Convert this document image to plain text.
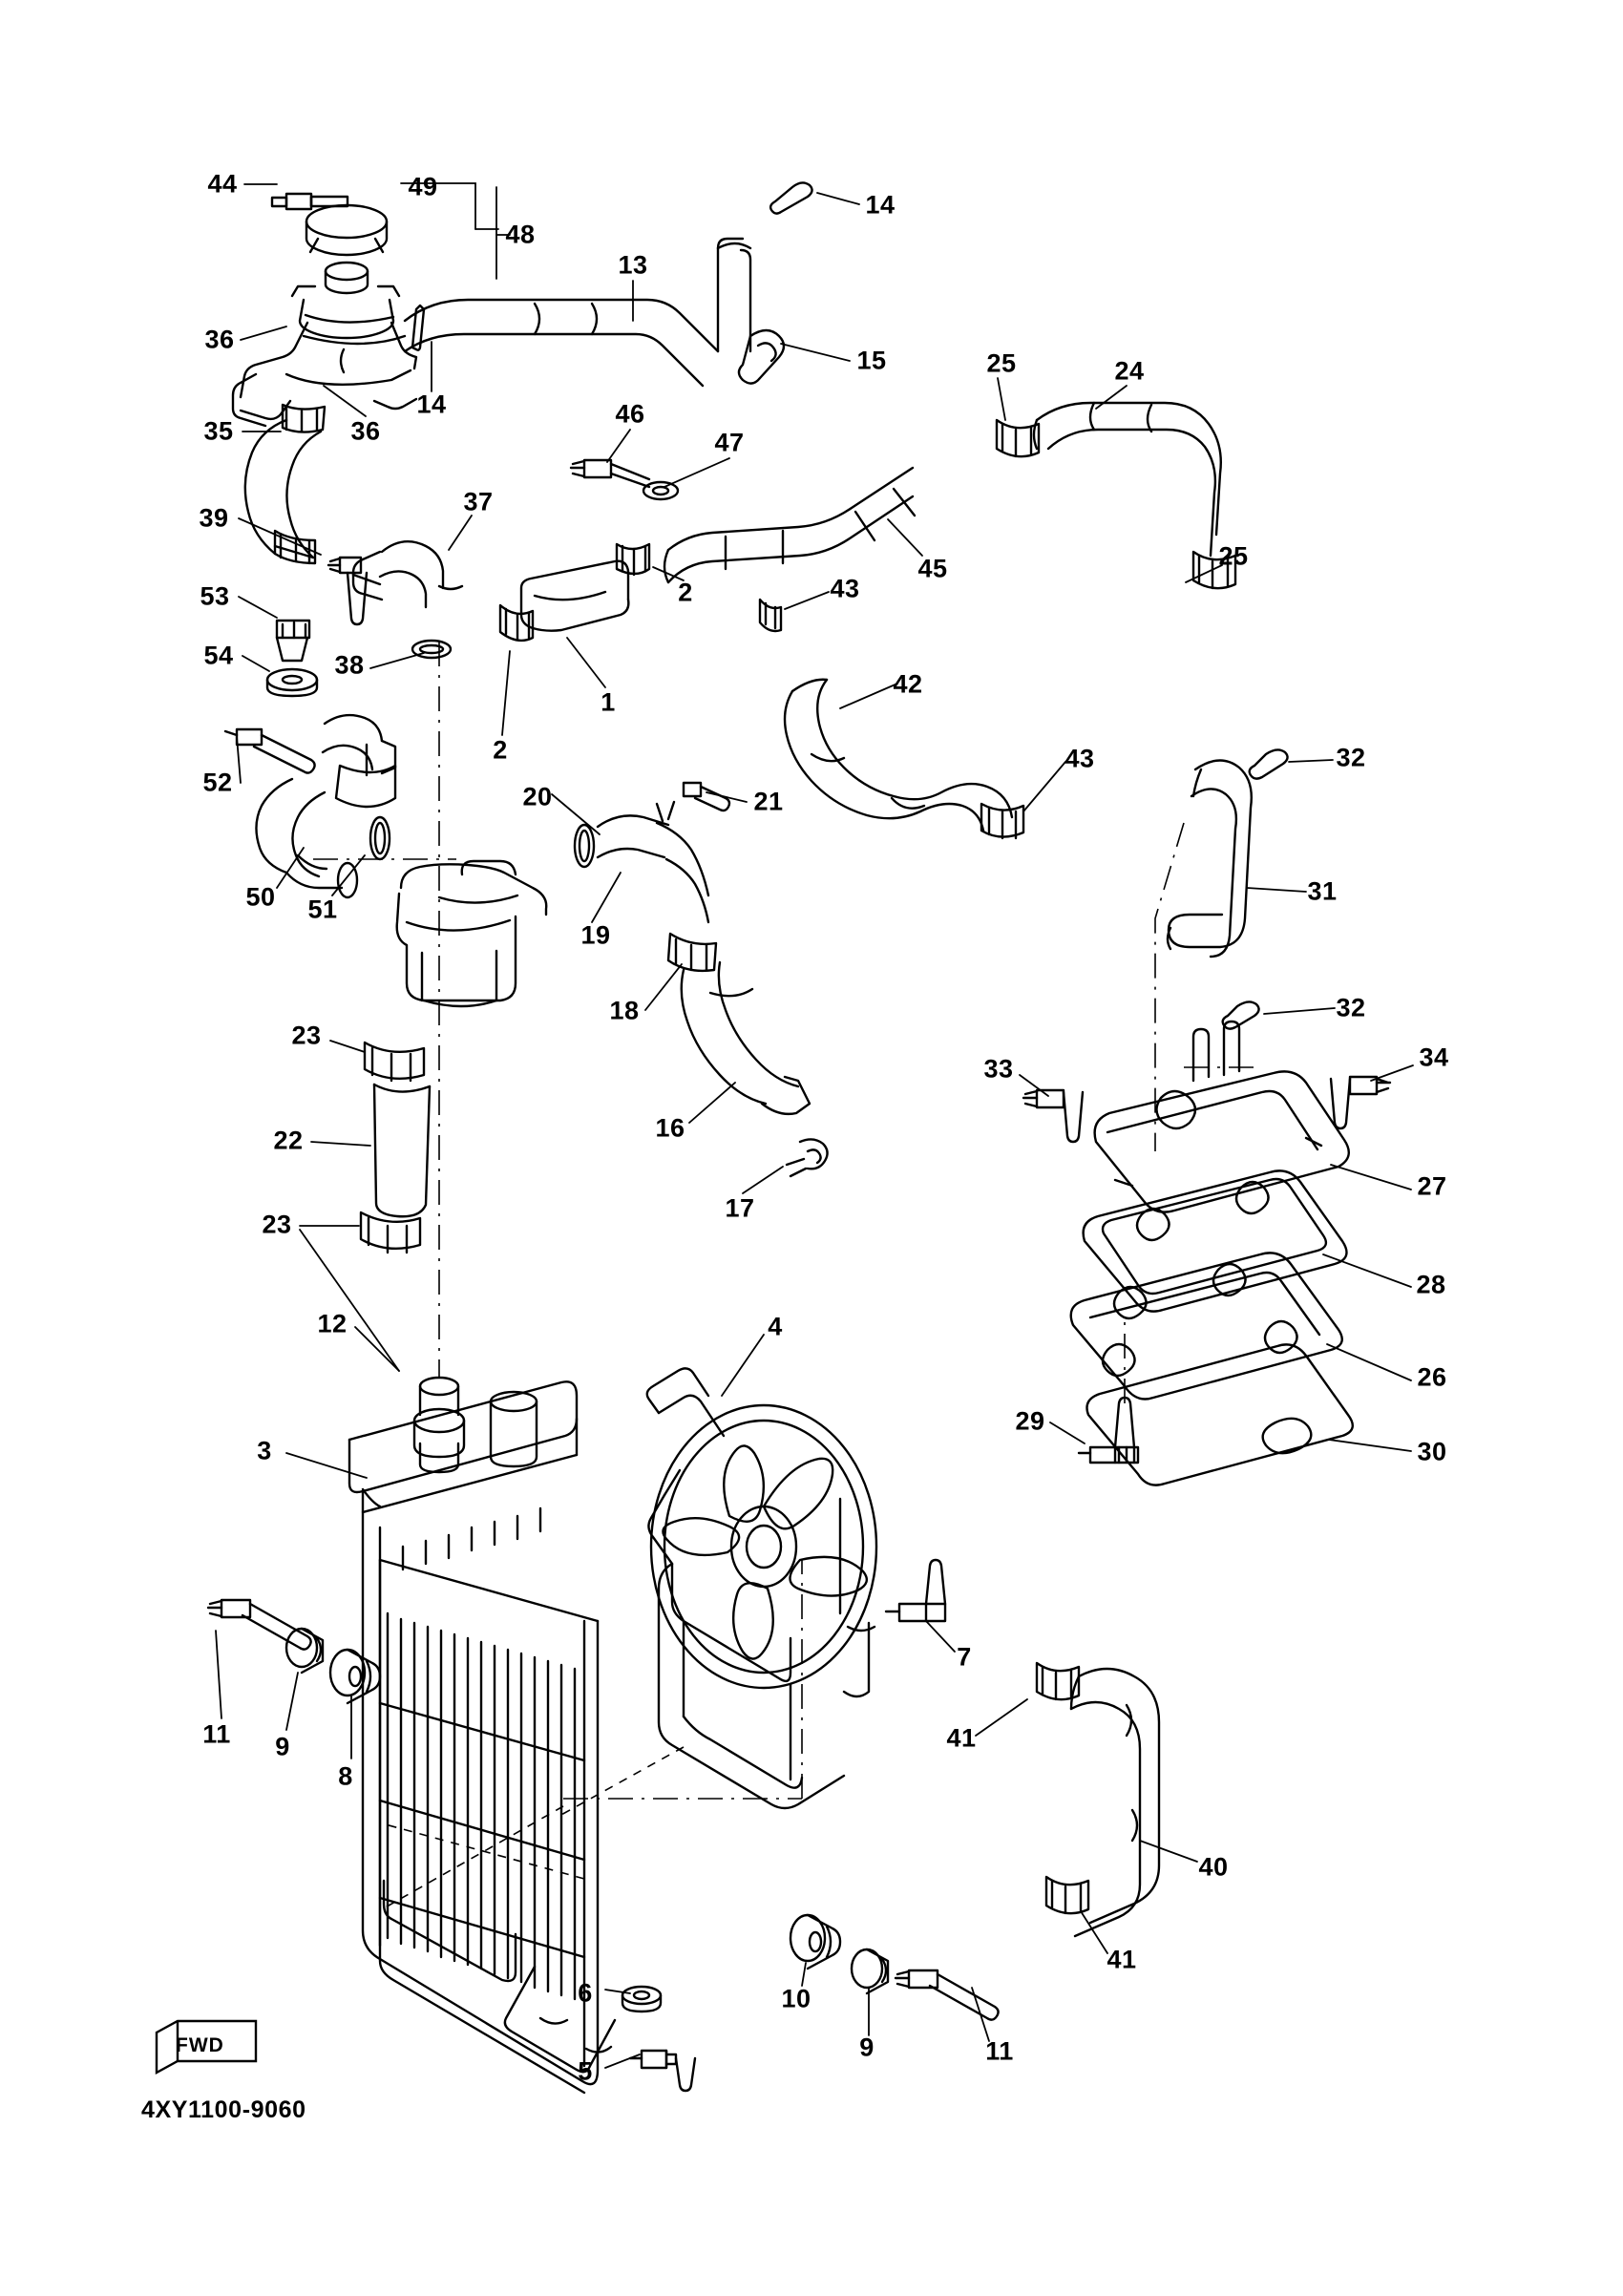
44	49
48
13
14
36
14
15	25	24
35	36
46
47
37
39
45	25
53	2	43
54	38
1
2
42
32
52	20	21
43
31
50 51
19
18	32
33	34
23
16
22
17
27
23
28
12	4
26
29
3	30
7
11 9	41
8
40
6	10
41
5
9	11
FWD
4XY1100-9060
